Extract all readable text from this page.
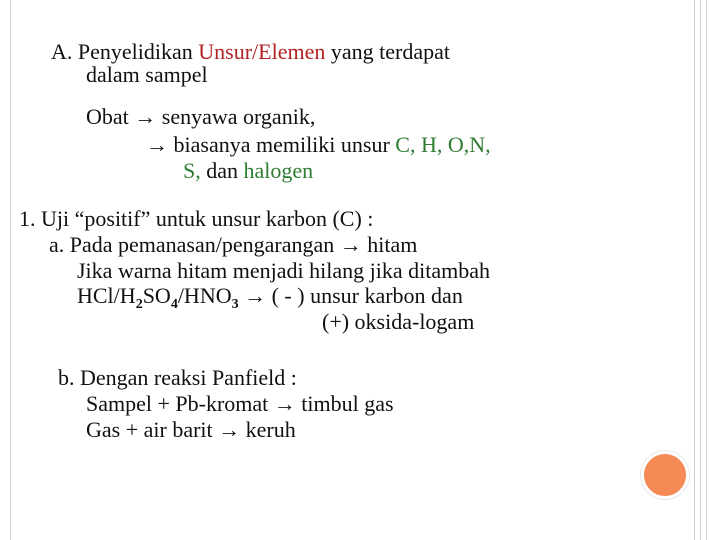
A. Penyelidikan Unsur/Elemen yang terdapat
dalam sampel
Obat → senyawa organik,
→ biasanya memiliki unsur C, H, O,N,
S, dan halogen
1. Uji “positif” untuk unsur karbon (C) :
a. Pada pemanasan/pengarangan → hitam
Jika warna hitam menjadi hilang jika ditambah
HCl/$H_2SO_4/HNO_3$ → ( - ) unsur karbon dan
(+) oksida-logam
b. Dengan reaksi Panfield :
Sampel + Pb-kromat → timbul gas
Gas + air barit → keruh
